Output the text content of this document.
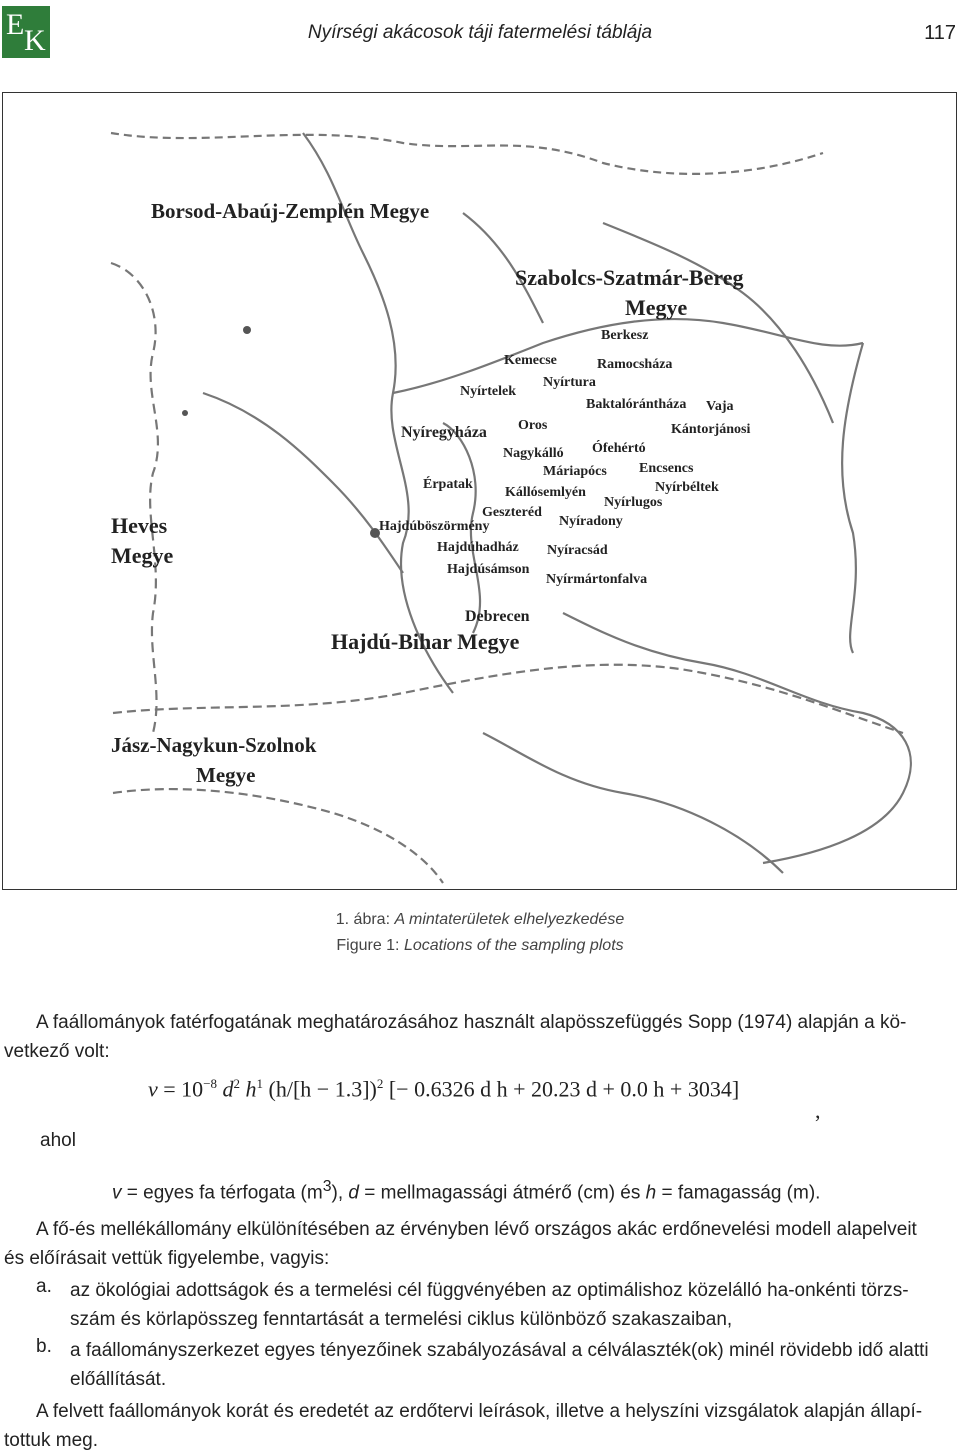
E K	Nyírségi akácosok táji fatermelési táblája	117
Borsod-Abaúj-Zemplén Megye
Szabolcs-Szatmár-Bereg
Megye
Heves
Megye
Hajdú-Bihar Megye
Jász-Nagykun-Szolnok
Megye
Berkesz
Kemecse	Ramocsháza
Nyírtelek
Nyírtura
Baktalórántháza Vaja
Oros
Nyíregyháza	Kántorjánosi
Nagykálló Ófehértó
Máriapócs Encsencs
Érpatak	Nyírbéltek
Kállósemlyén
Nyírlugos
Geszteréd
Nyíradony
Hajdúböszörmény
Hajdúhadház Nyíracsád
Hajdúsámson
Nyírmártonfalva
Debrecen
1. ábra: A mintaterületek elhelyezkedése
Figure 1: Locations of the sampling plots
A faállományok fatérfogatának meghatározásához használt alapösszefüggés Sopp (1974) alapján a kö-
vetkező volt:
$v = 10^{-8}$ $d^2$ $h^1$ $(h/[h - 1.3])^2$ [− 0.6326 d h + 20.23 d + 0.0 h + 3034]
,
ahol
v = egyes fa térfogata $(m^3)$, d = mellmagassági átmérő (cm) és h = famagasság (m).
A fő-és mellékállomány elkülönítésében az érvényben lévő országos akác erdőnevelési modell alapelveit
és előírásait vettük figyelembe, vagyis:
a. az ökológiai adottságok és a termelési cél függvényében az optimálishoz közelálló ha-onkénti törzs-
szám és körlapösszeg fenntartását a termelési ciklus különböző szakaszaiban,
b. a faállományszerkezet egyes tényezőinek szabályozásával a célválaszték(ok) minél rövidebb idő alatti
előállítását.
A felvett faállományok korát és eredetét az erdőtervi leírások, illetve a helyszíni vizsgálatok alapján állapí-
tottuk meg.
